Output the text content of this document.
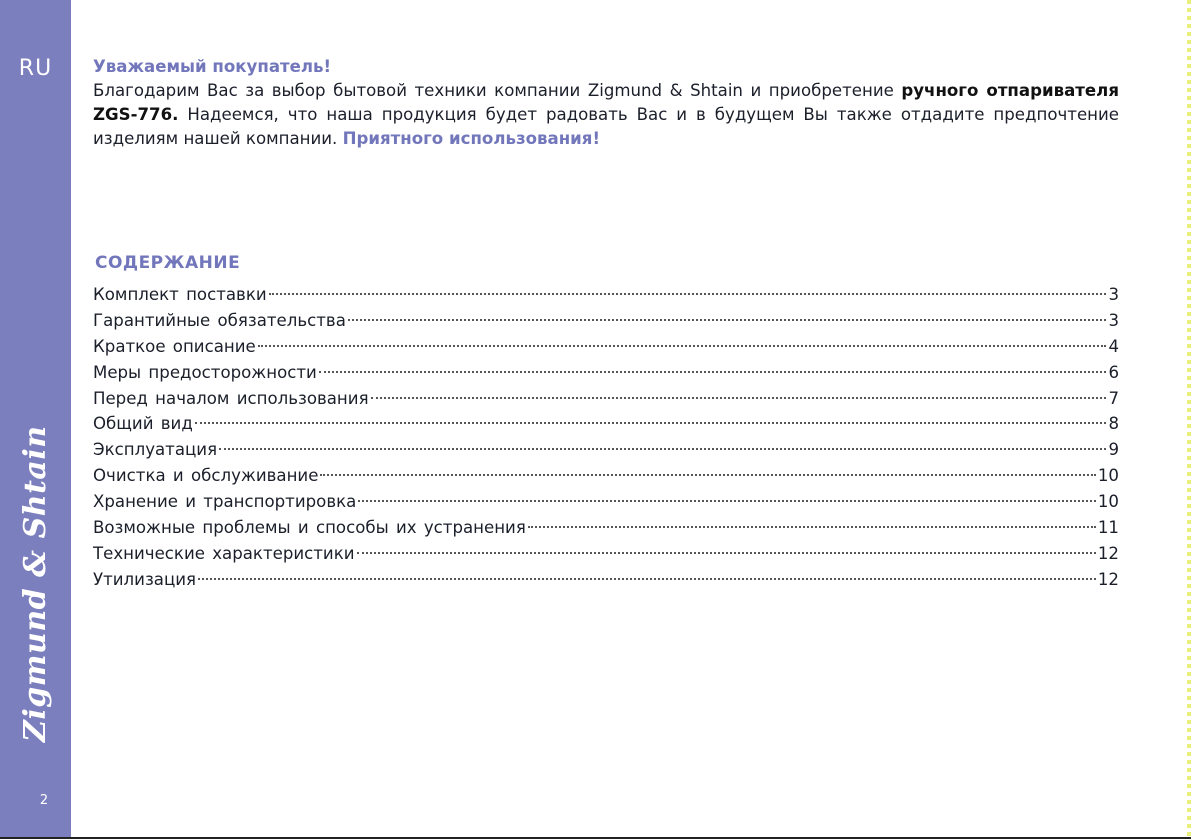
RU
Zigmund & Shtain
2
Уважаемый покупатель!
Благодарим Вас за выбор бытовой техники компании Zigmund & Shtain и приобретение ручного отпаривателя ZGS-776. Надеемся, что наша продукция будет радовать Вас и в будущем Вы также отдадите предпочтение изделиям нашей компании. Приятного использования!
СОДЕРЖАНИЕ
Комплект поставки	3
Гарантийные обязательства	3
Краткое описание	4
Меры предосторожности	6
Перед началом использования	7
Общий вид	8
Эксплуатация	9
Очистка и обслуживание	10
Хранение и транспортировка	10
Возможные проблемы и способы их устранения	11
Технические характеристики	12
Утилизация	12
